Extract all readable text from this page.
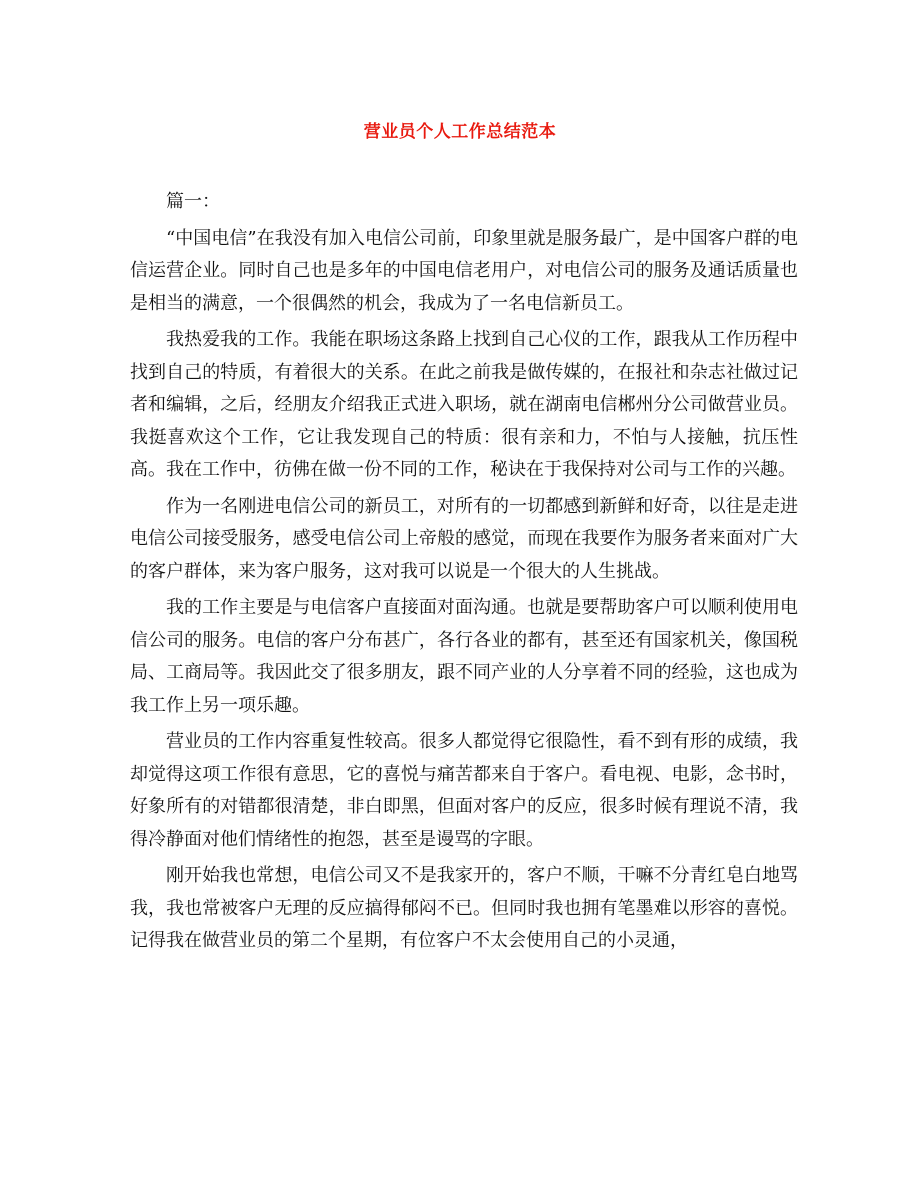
营业员个人工作总结范本

篇一：

“中国电信”在我没有加入电信公司前，印象里就是服务最广，是中国客户群的电信运营企业。同时自己也是多年的中国电信老用户，对电信公司的服务及通话质量也是相当的满意，一个很偶然的机会，我成为了一名电信新员工。

我热爱我的工作。我能在职场这条路上找到自己心仪的工作，跟我从工作历程中找到自己的特质，有着很大的关系。在此之前我是做传媒的，在报社和杂志社做过记者和编辑，之后，经朋友介绍我正式进入职场，就在湖南电信郴州分公司做营业员。我挺喜欢这个工作，它让我发现自己的特质：很有亲和力，不怕与人接触，抗压性高。我在工作中，彷佛在做一份不同的工作，秘诀在于我保持对公司与工作的兴趣。

作为一名刚进电信公司的新员工，对所有的一切都感到新鲜和好奇，以往是走进电信公司接受服务，感受电信公司上帝般的感觉，而现在我要作为服务者来面对广大的客户群体，来为客户服务，这对我可以说是一个很大的人生挑战。

我的工作主要是与电信客户直接面对面沟通。也就是要帮助客户可以顺利使用电信公司的服务。电信的客户分布甚广，各行各业的都有，甚至还有国家机关，像国税局、工商局等。我因此交了很多朋友，跟不同产业的人分享着不同的经验，这也成为我工作上另一项乐趣。

营业员的工作内容重复性较高。很多人都觉得它很隐性，看不到有形的成绩，我却觉得这项工作很有意思，它的喜悦与痛苦都来自于客户。看电视、电影，念书时，好象所有的对错都很清楚，非白即黑，但面对客户的反应，很多时候有理说不清，我得冷静面对他们情绪性的抱怨，甚至是谩骂的字眼。

刚开始我也常想，电信公司又不是我家开的，客户不顺，干嘛不分青红皂白地骂我，我也常被客户无理的反应搞得郁闷不已。但同时我也拥有笔墨难以形容的喜悦。记得我在做营业员的第二个星期，有位客户不太会使用自己的小灵通，
